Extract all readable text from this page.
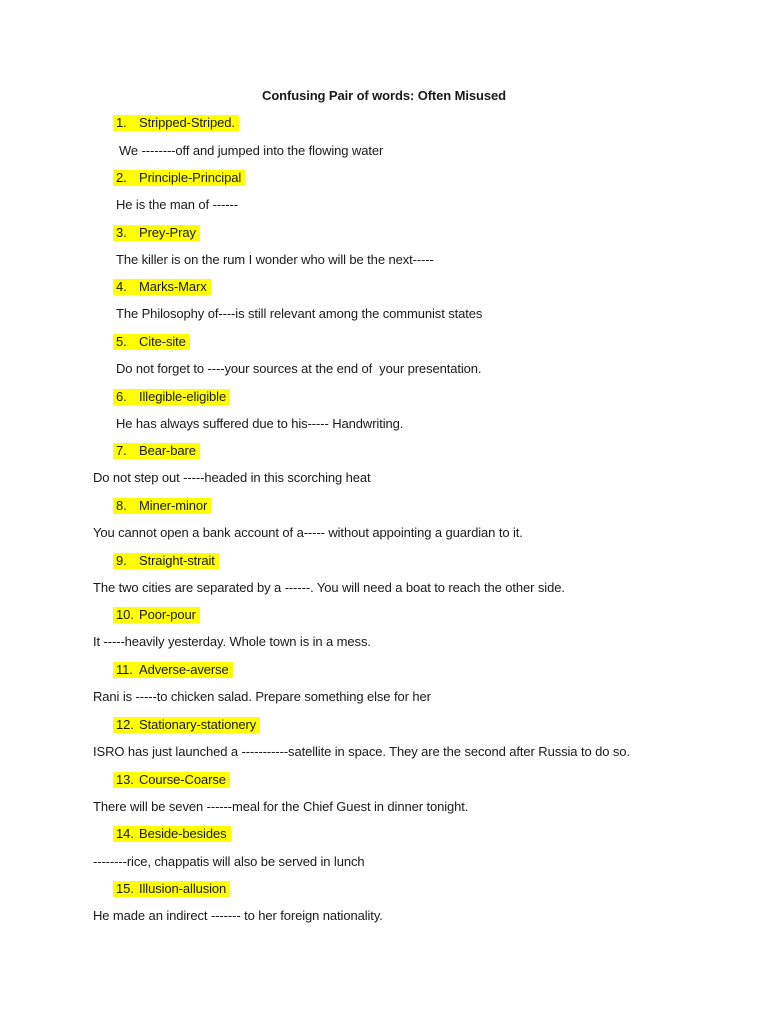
Confusing Pair of words: Often Misused
1. Stripped-Striped.
We --------off and jumped into the flowing water
2. Principle-Principal
He is the man of ------
3. Prey-Pray
The killer is on the rum I wonder who will be the next-----
4. Marks-Marx
The Philosophy of----is still relevant among the communist states
5. Cite-site
Do not forget to ----your sources at the end of  your presentation.
6. Illegible-eligible
He has always suffered due to his----- Handwriting.
7. Bear-bare
Do not step out -----headed in this scorching heat
8. Miner-minor
You cannot open a bank account of a----- without appointing a guardian to it.
9. Straight-strait
The two cities are separated by a ------. You will need a boat to reach the other side.
10. Poor-pour
It -----heavily yesterday. Whole town is in a mess.
11. Adverse-averse
Rani is -----to chicken salad. Prepare something else for her
12. Stationary-stationery
ISRO has just launched a -----------satellite in space. They are the second after Russia to do so.
13. Course-Coarse
There will be seven ------meal for the Chief Guest in dinner tonight.
14. Beside-besides
--------rice, chappatis will also be served in lunch
15. Illusion-allusion
He made an indirect ------- to her foreign nationality.
